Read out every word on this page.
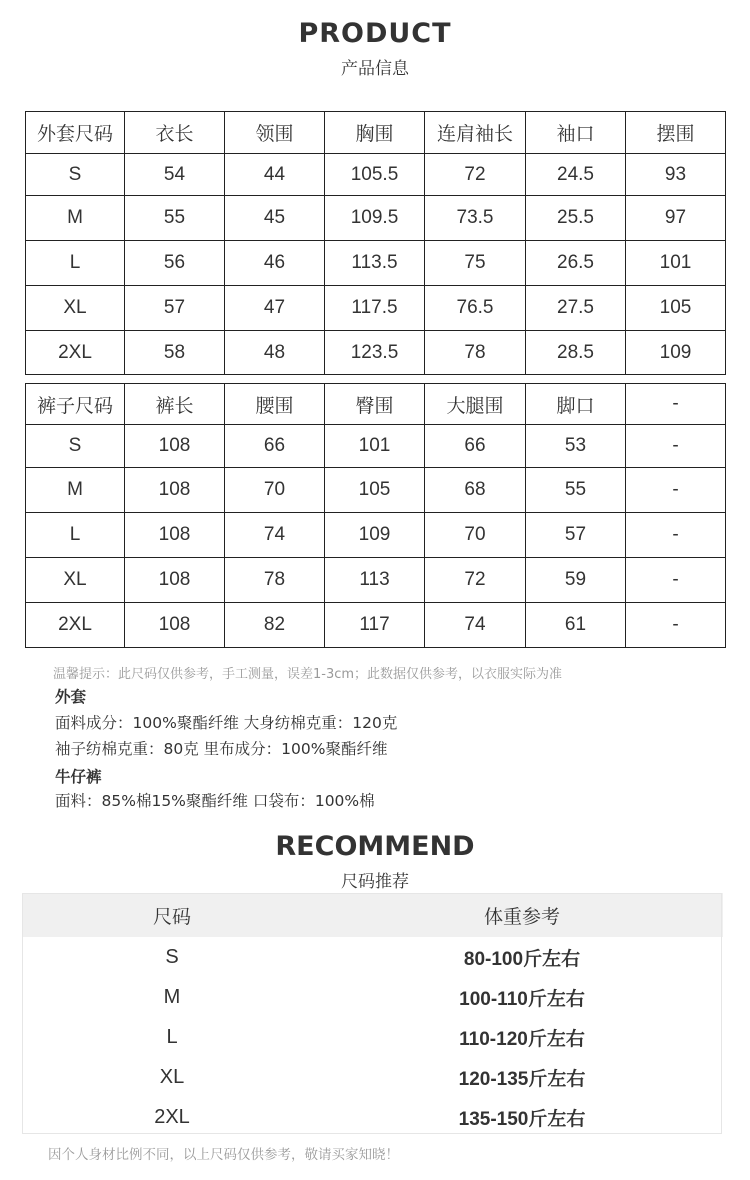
PRODUCT
产品信息
外套尺码	衣长	领围	胸围	连肩袖长	袖口	摆围
S	54	44	105.5	72	24.5	93
M	55	45	109.5	73.5	25.5	97
L	56	46	113.5	75	26.5	101
XL	57	47	117.5	76.5	27.5	105
2XL	58	48	123.5	78	28.5	109
裤子尺码	裤长	腰围	臀围	大腿围	脚口	-
S	108	66	101	66	53	-
M	108	70	105	68	55	-
L	108	74	109	70	57	-
XL	108	78	113	72	59	-
2XL	108	82	117	74	61	-
温馨提示：此尺码仅供参考，手工测量，误差1-3cm；此数据仅供参考，以衣服实际为准
外套
面料成分：100%聚酯纤维 大身纺棉克重：120克
袖子纺棉克重：80克 里布成分：100%聚酯纤维
牛仔裤
面料：85%棉15%聚酯纤维 口袋布：100%棉
RECOMMEND
尺码推荐
尺码	体重参考
S	80-100斤左右
M	100-110斤左右
L	110-120斤左右
XL	120-135斤左右
2XL	135-150斤左右
因个人身材比例不同，以上尺码仅供参考，敬请买家知晓！
